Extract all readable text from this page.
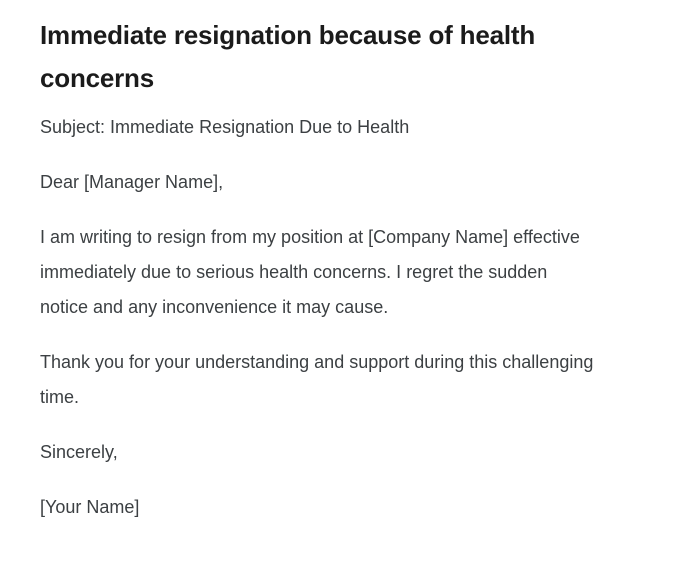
Immediate resignation because of health concerns

Subject: Immediate Resignation Due to Health

Dear [Manager Name],

I am writing to resign from my position at [Company Name] effective immediately due to serious health concerns. I regret the sudden notice and any inconvenience it may cause.

Thank you for your understanding and support during this challenging time.

Sincerely,

[Your Name]
